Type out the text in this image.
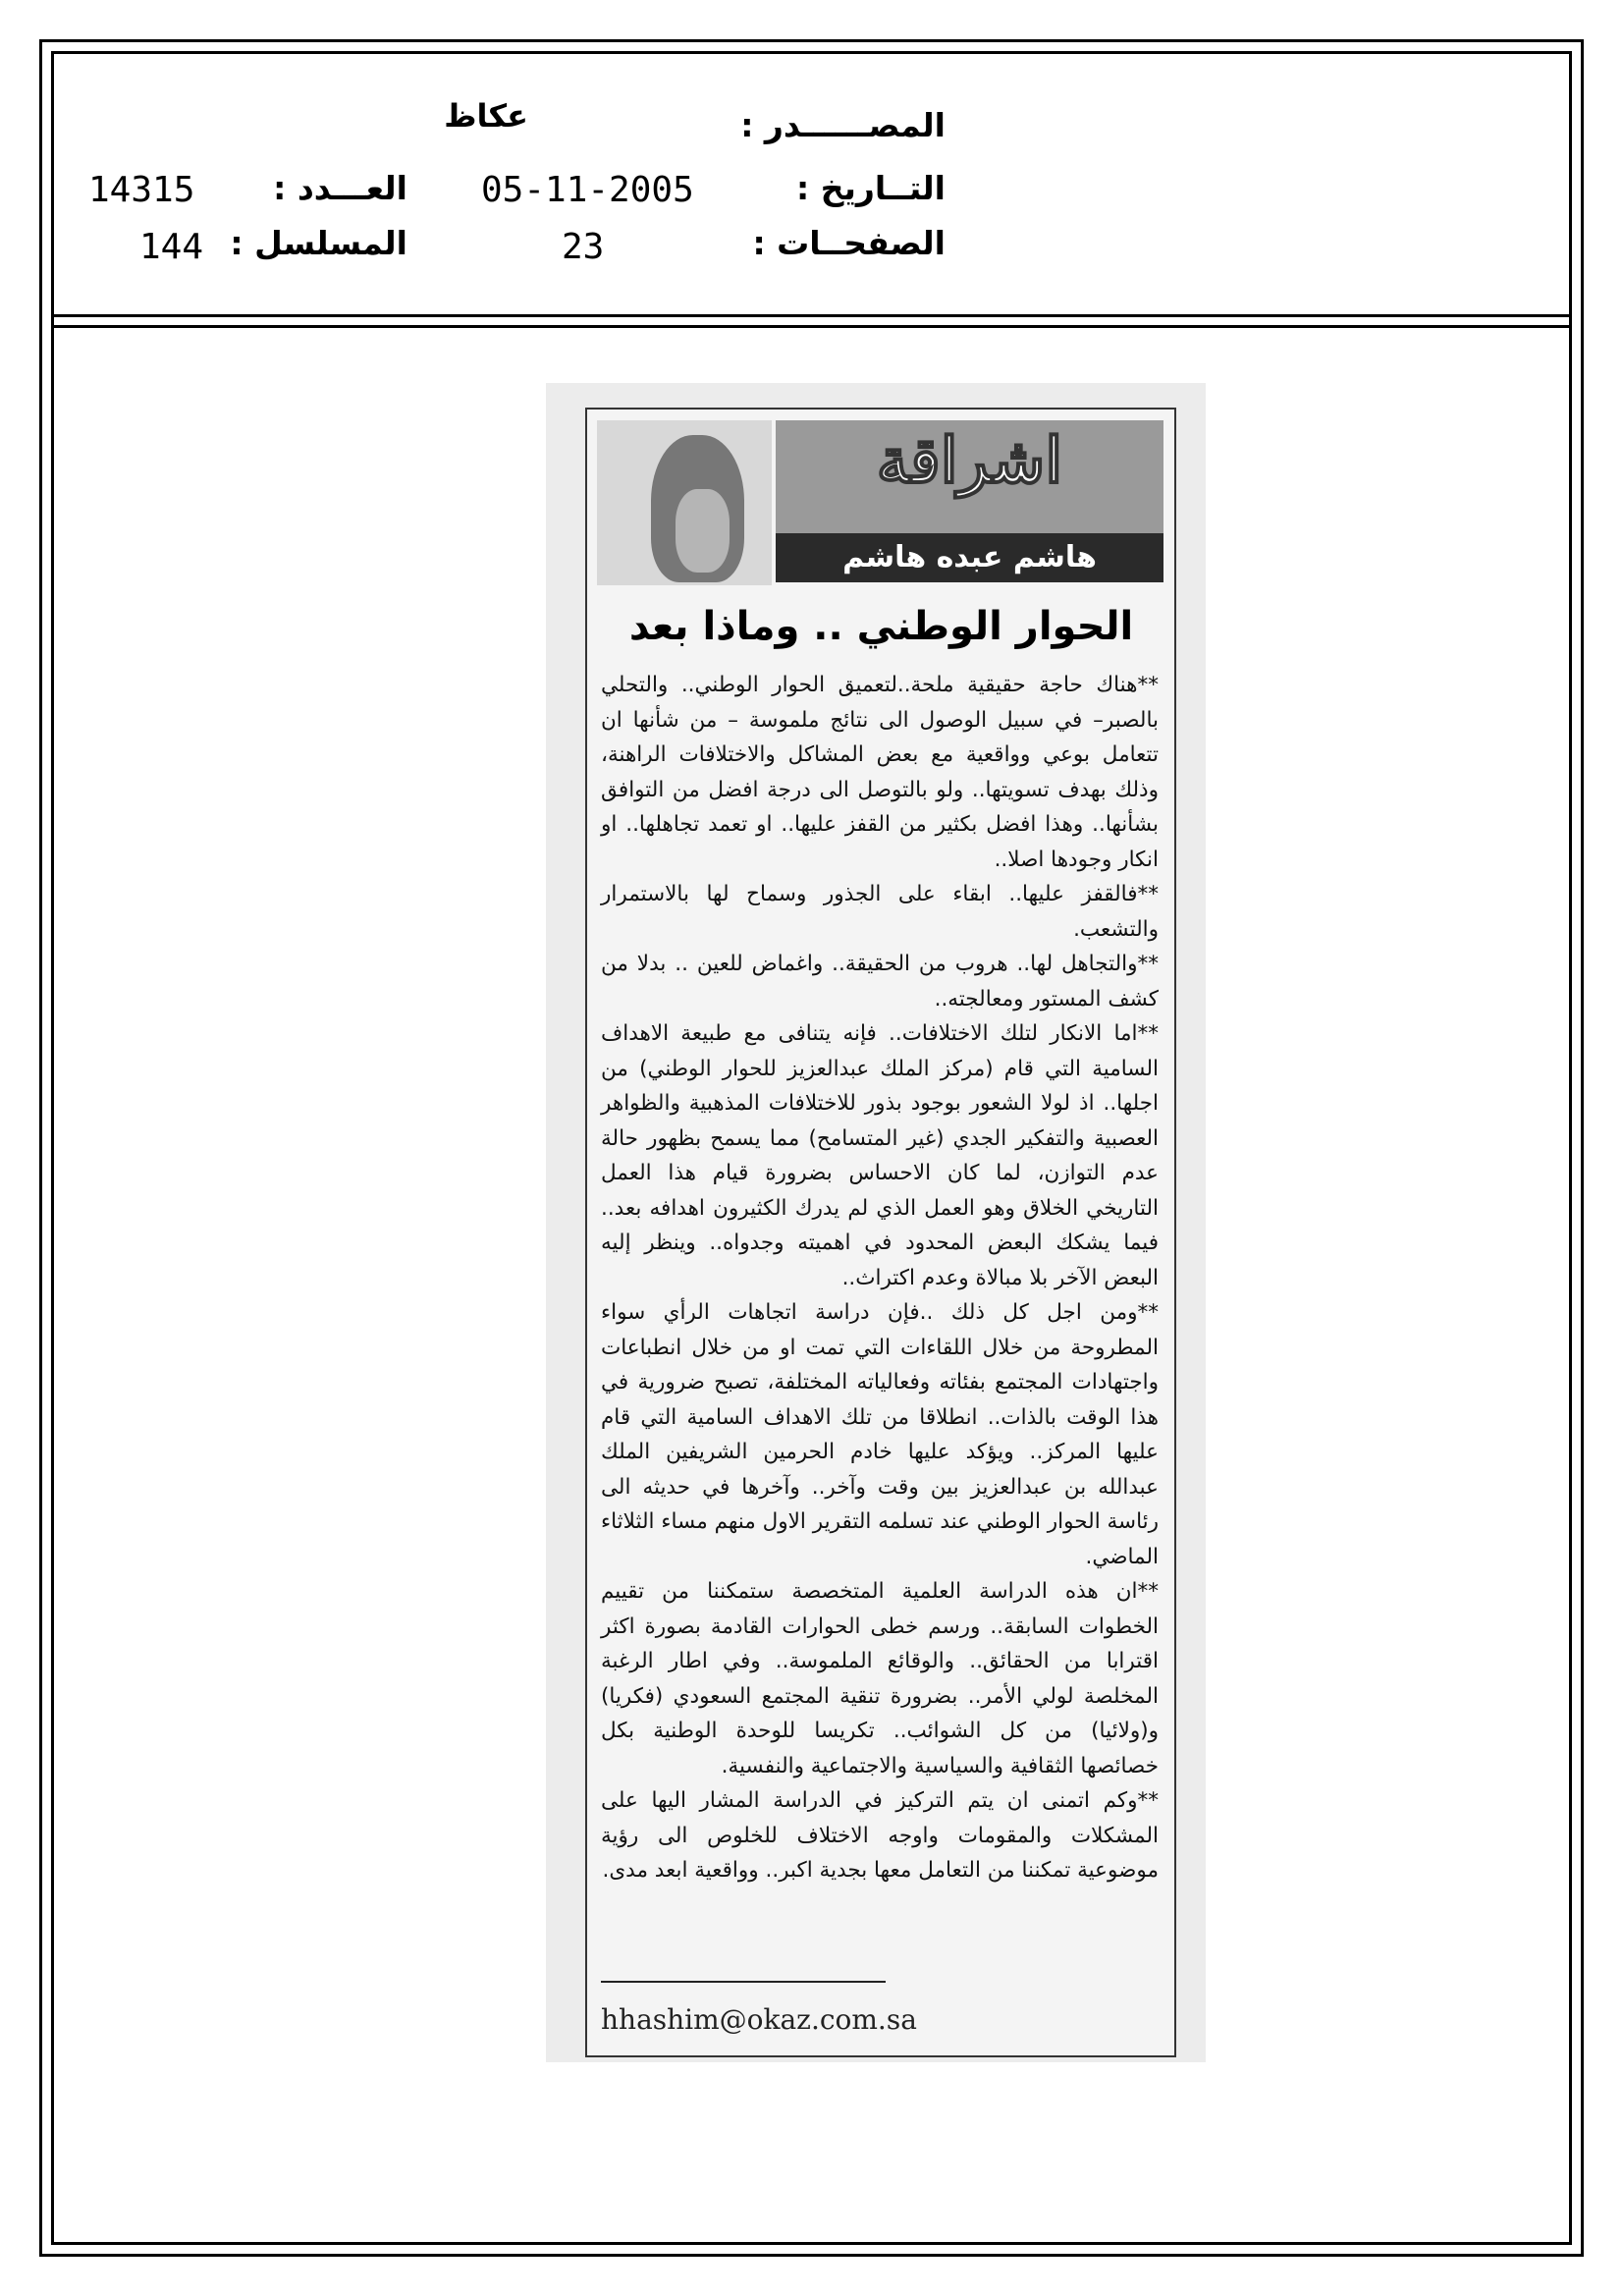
المصــــــدر :
عكاظ
التــاريخ :
05-11-2005
العـــدد :
14315
الصفحــات :
23
المسلسل :
144
اشراقة
هاشم عبده هاشم
الحوار الوطني .. وماذا بعد

**هناك حاجة حقيقية ملحة..لتعميق الحوار الوطني.. والتحلي بالصبر– في سبيل الوصول الى نتائج ملموسة – من شأنها ان تتعامل بوعي وواقعية مع بعض المشاكل والاختلافات الراهنة، وذلك بهدف تسويتها.. ولو بالتوصل الى درجة افضل من التوافق بشأنها.. وهذا افضل بكثير من القفز عليها.. او تعمد تجاهلها.. او انكار وجودها اصلا..

**فالقفز عليها.. ابقاء على الجذور وسماح لها بالاستمرار والتشعب.

**والتجاهل لها.. هروب من الحقيقة.. واغماض للعين .. بدلا من كشف المستور ومعالجته..

**اما الانكار لتلك الاختلافات.. فإنه يتنافى مع طبيعة الاهداف السامية التي قام (مركز الملك عبدالعزيز للحوار الوطني) من اجلها.. اذ لولا الشعور بوجود بذور للاختلافات المذهبية والظواهر العصبية والتفكير الجدي (غير المتسامح) مما يسمح بظهور حالة عدم التوازن، لما كان الاحساس بضرورة قيام هذا العمل التاريخي الخلاق وهو العمل الذي لم يدرك الكثيرون اهدافه بعد.. فيما يشكك البعض المحدود في اهميته وجدواه.. وينظر إليه البعض الآخر بلا مبالاة وعدم اكتراث..

**ومن اجل كل ذلك ..فإن دراسة اتجاهات الرأي سواء المطروحة من خلال اللقاءات التي تمت او من خلال انطباعات واجتهادات المجتمع بفئاته وفعالياته المختلفة، تصبح ضرورية في هذا الوقت بالذات.. انطلاقا من تلك الاهداف السامية التي قام عليها المركز.. ويؤكد عليها خادم الحرمين الشريفين الملك عبدالله بن عبدالعزيز بين وقت وآخر.. وآخرها في حديثه الى رئاسة الحوار الوطني عند تسلمه التقرير الاول منهم مساء الثلاثاء الماضي.

**ان هذه الدراسة العلمية المتخصصة ستمكننا من تقييم الخطوات السابقة.. ورسم خطى الحوارات القادمة بصورة اكثر اقترابا من الحقائق.. والوقائع الملموسة.. وفي اطار الرغبة المخلصة لولي الأمر.. بضرورة تنقية المجتمع السعودي (فكريا) و(ولائيا) من كل الشوائب.. تكريسا للوحدة الوطنية بكل خصائصها الثقافية والسياسية والاجتماعية والنفسية.

**وكم اتمنى ان يتم التركيز في الدراسة المشار اليها على المشكلات والمقومات واوجه الاختلاف للخلوص الى رؤية موضوعية تمكننا من التعامل معها بجدية اكبر.. وواقعية ابعد مدى.

hhashim@okaz.com.sa
